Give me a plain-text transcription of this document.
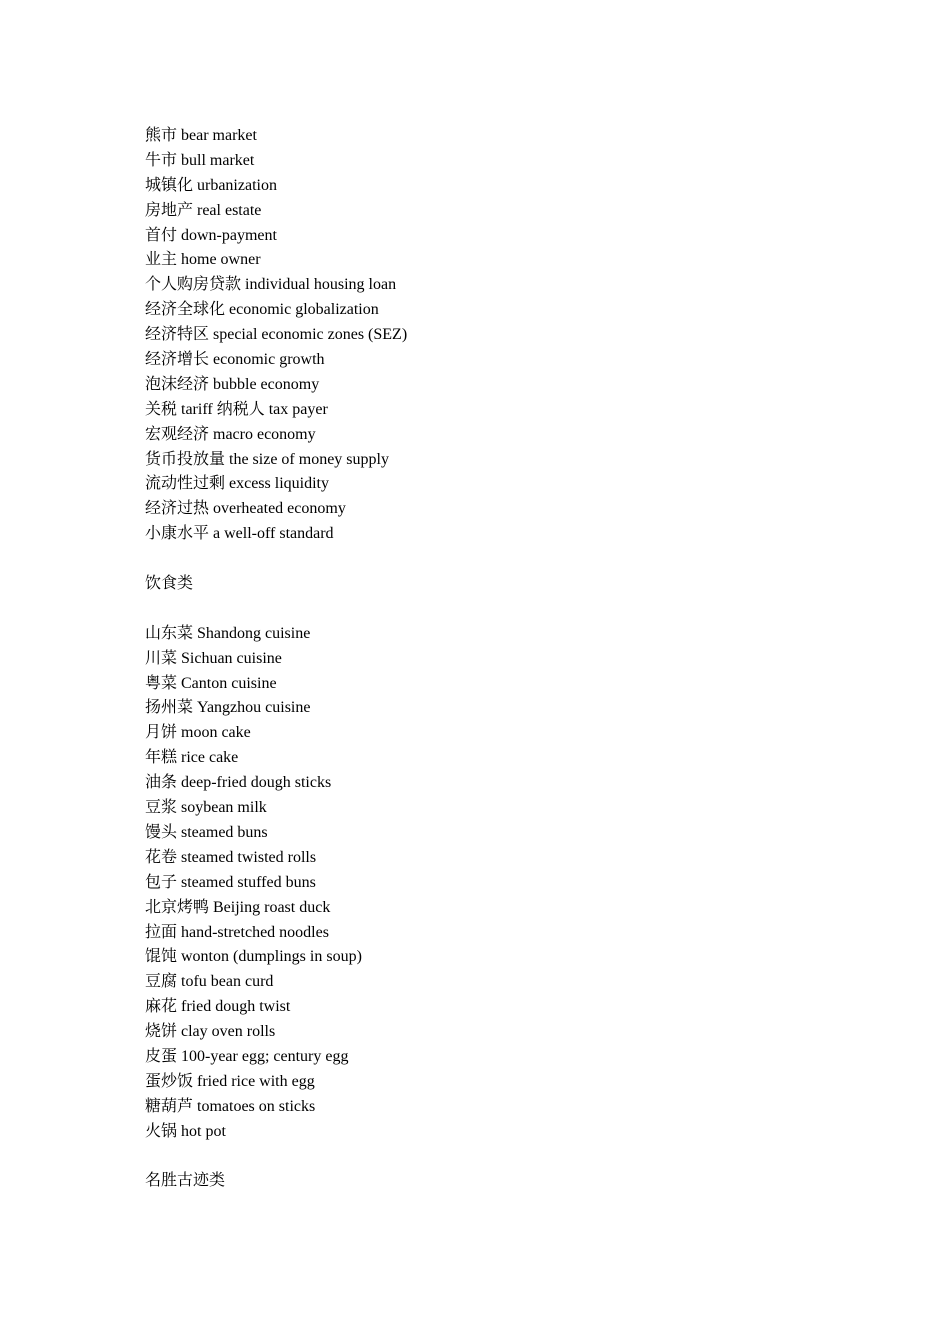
熊市 bear market
牛市 bull market
城镇化 urbanization
房地产 real estate
首付 down-payment
业主 home owner
个人购房贷款 individual housing loan
经济全球化 economic globalization
经济特区 special economic zones (SEZ)
经济增长 economic growth
泡沫经济 bubble economy
关税 tariff 纳税人 tax payer
宏观经济 macro economy
货币投放量 the size of money supply
流动性过剩 excess liquidity
经济过热 overheated economy
小康水平 a well-off standard
饮食类
山东菜 Shandong cuisine
川菜 Sichuan cuisine
粤菜 Canton cuisine
扬州菜 Yangzhou cuisine
月饼 moon cake
年糕 rice cake
油条 deep-fried dough sticks
豆浆 soybean milk
馒头 steamed buns
花卷 steamed twisted rolls
包子 steamed stuffed buns
北京烤鸭 Beijing roast duck
拉面 hand-stretched noodles
馄饨 wonton (dumplings in soup)
豆腐 tofu bean curd
麻花 fried dough twist
烧饼 clay oven rolls
皮蛋 100-year egg; century egg
蛋炒饭 fried rice with egg
糖葫芦 tomatoes on sticks
火锅 hot pot
名胜古迹类
